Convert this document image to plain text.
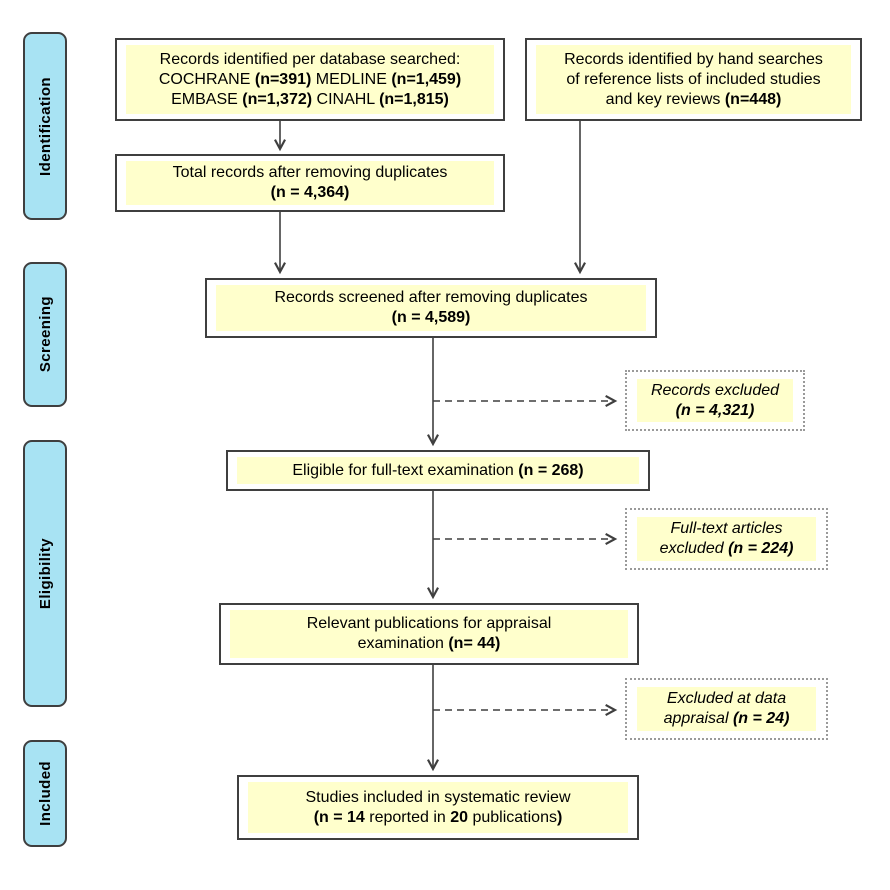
Identification
Screening
Eligibility
Included
Records identified per database searched:
COCHRANE (n=391) MEDLINE (n=1,459)
EMBASE (n=1,372) CINAHL (n=1,815)
Records identified by hand searches
of reference lists of included studies
and key reviews (n=448)
Total records after removing duplicates
(n = 4,364)
Records screened after removing duplicates
(n = 4,589)
Records excluded
(n = 4,321)
Eligible for full-text examination (n = 268)
Full-text articles
excluded (n = 224)
Relevant publications for appraisal
examination (n= 44)
Excluded at data
appraisal (n = 24)
Studies included in systematic review
(n = 14 reported in 20 publications)
